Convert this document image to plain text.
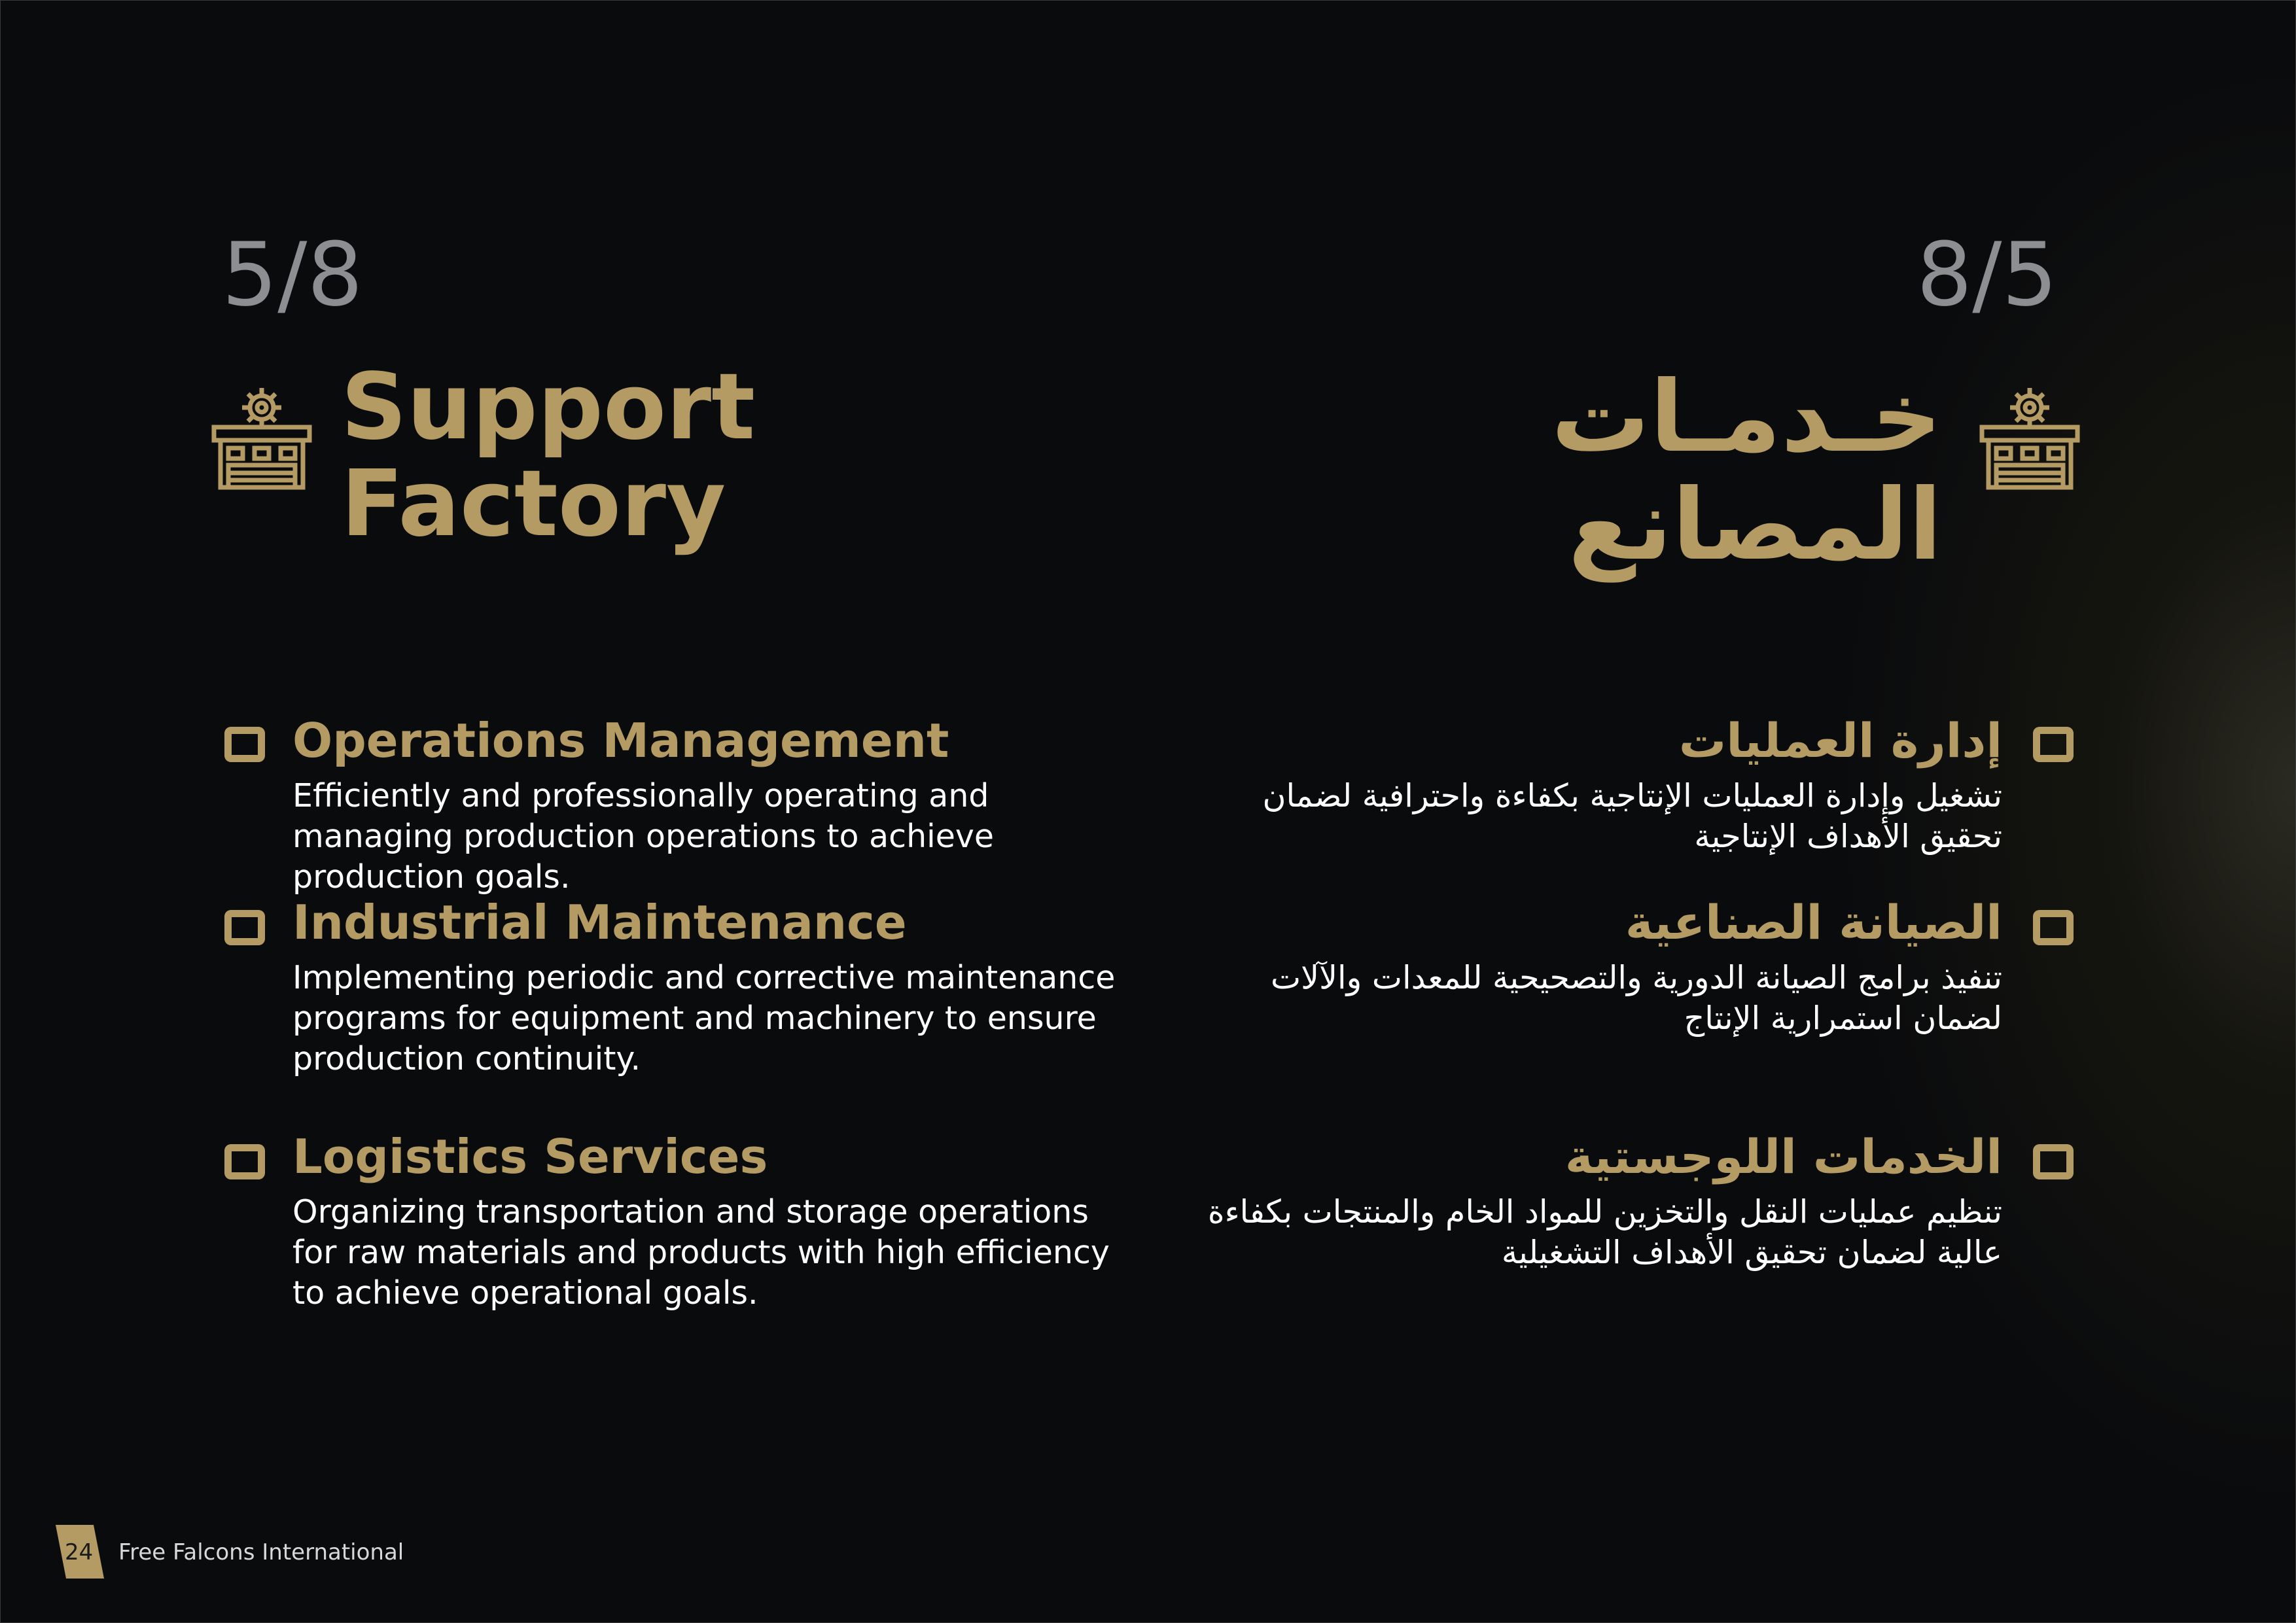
5/8
Support
Factory
Operations Management
Efficiently and professionally operating and managing production operations to achieve production goals.
Industrial Maintenance
Implementing periodic and corrective maintenance programs for equipment and machinery to ensure production continuity.
Logistics Services
Organizing transportation and storage operations for raw materials and products with high efficiency to achieve operational goals.
8/5
خـدمـات
المصانع
إدارة العمليات
تشغيل وإدارة العمليات الإنتاجية بكفاءة واحترافية لضمان تحقيق الأهداف الإنتاجية
الصيانة الصناعية
تنفيذ برامج الصيانة الدورية والتصحيحية للمعدات والآلات لضمان استمرارية الإنتاج
الخدمات اللوجستية
تنظيم عمليات النقل والتخزين للمواد الخام والمنتجات بكفاءة عالية لضمان تحقيق الأهداف التشغيلية
24 Free Falcons International
